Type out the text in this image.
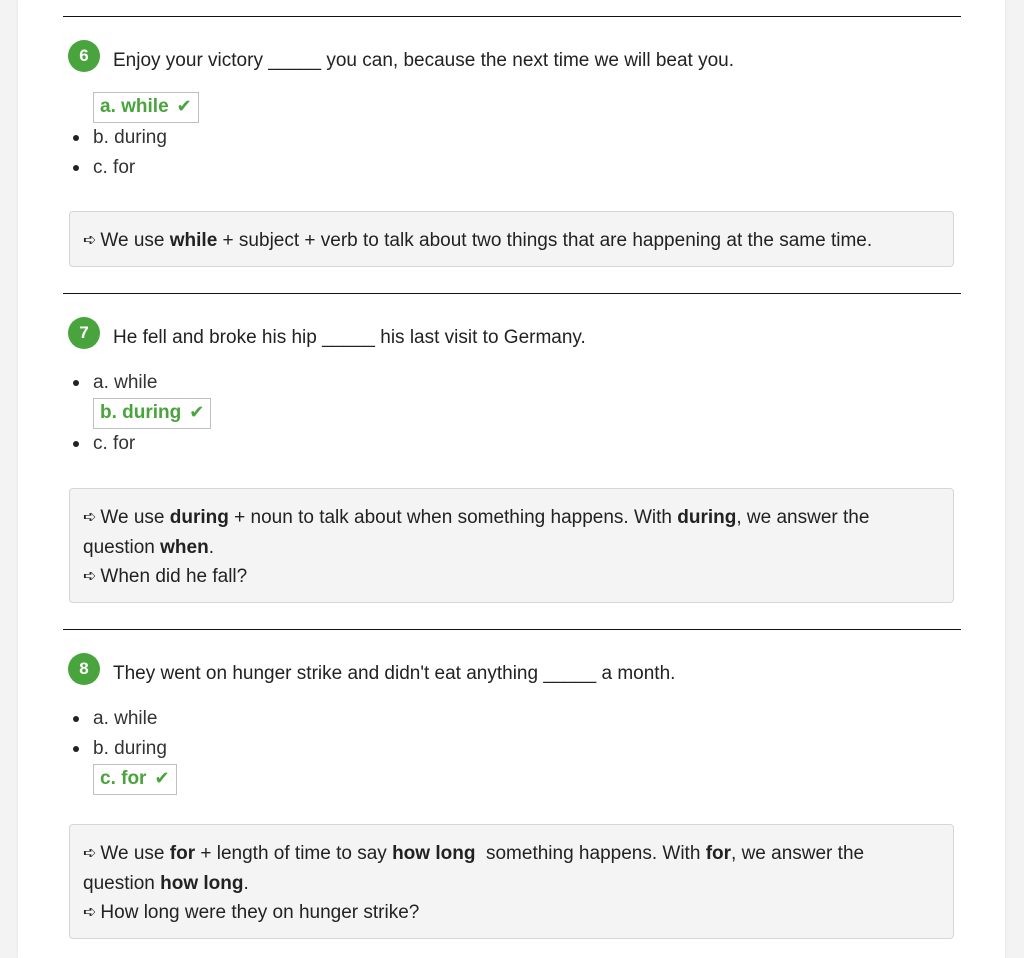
6	Enjoy your victory _____ you can, because the next time we will beat you.
a. while ✔
b. during
c. for
➪ We use while + subject + verb to talk about two things that are happening at the same time.
7	He fell and broke his hip _____ his last visit to Germany.
a. while
b. during ✔
c. for
➪ We use during + noun to talk about when something happens. With during, we answer the question when.
➪ When did he fall?
8	They went on hunger strike and didn't eat anything _____ a month.
a. while
b. during
c. for ✔
➪ We use for + length of time to say how long  something happens. With for, we answer the question how long.
➪ How long were they on hunger strike?
